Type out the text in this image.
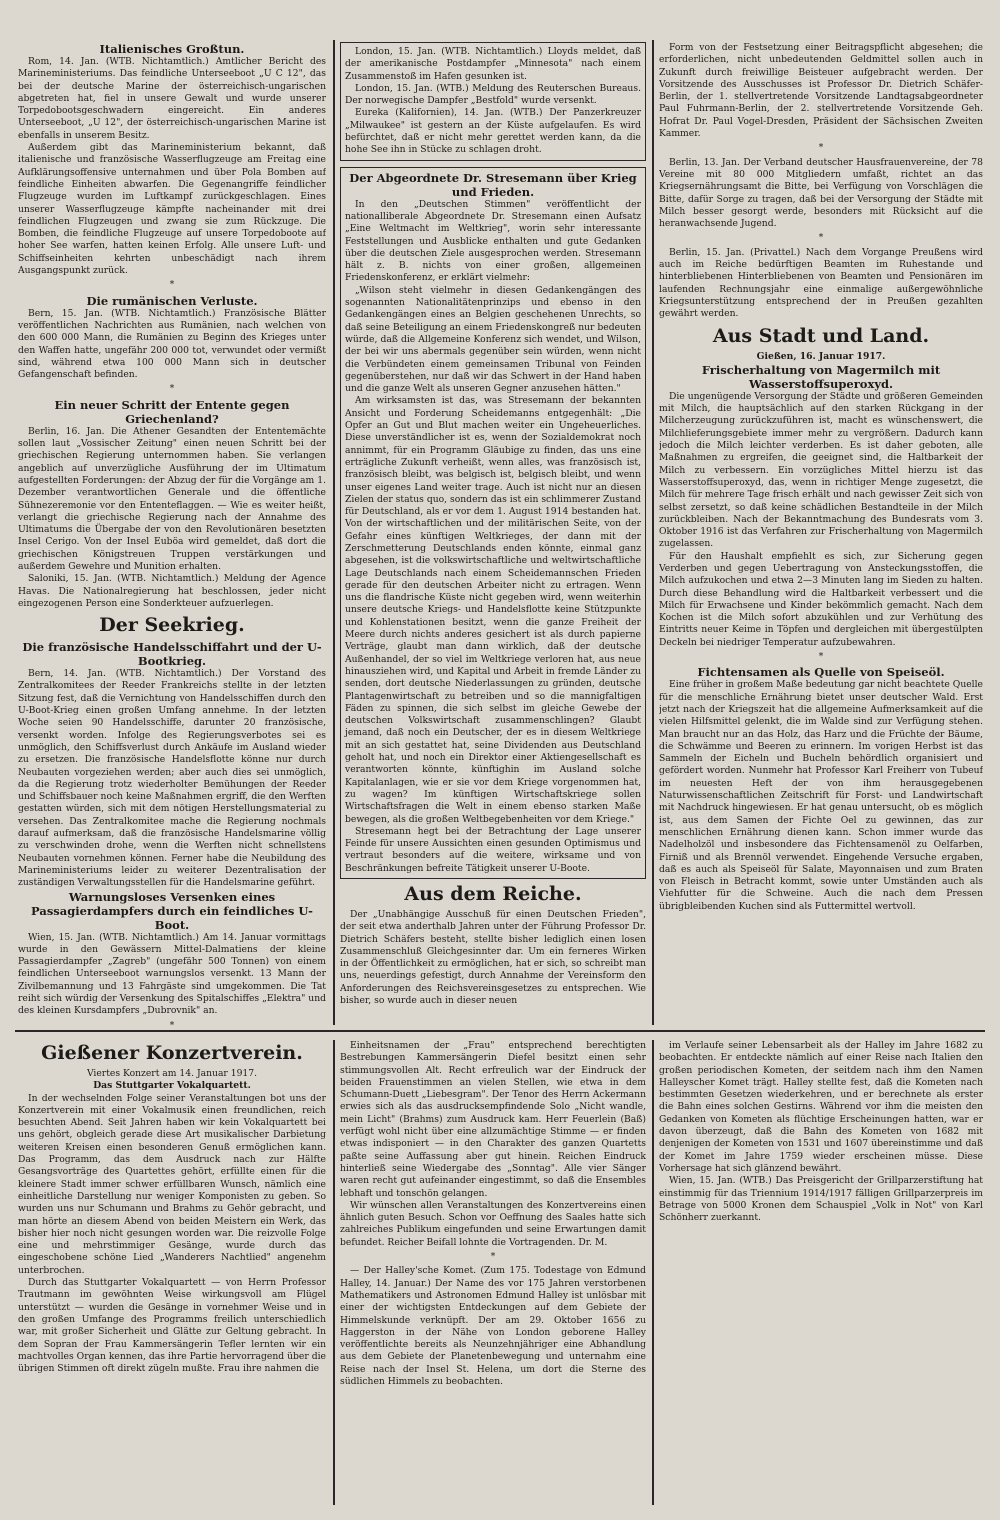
Italienisches Großtun.

Rom, 14. Jan. (WTB. Nichtamtlich.) Amtlicher Bericht des Marineministeriums. Das feindliche Unterseeboot „U C 12", das bei der deutsche Marine der österreichisch-ungarischen abgetreten hat, fiel in unsere Gewalt und wurde unserer Torpedobootsgeschwadern eingereicht. Ein anderes Unterseeboot, „U 12", der österreichisch-ungarischen Marine ist ebenfalls in unserem Besitz.

Außerdem gibt das Marineministerium bekannt, daß italienische und französische Wasserflugzeuge am Freitag eine Aufklärungsoffensive unternahmen und über Pola Bomben auf feindliche Einheiten abwarfen. Die Gegenangriffe feindlicher Flugzeuge wurden im Luftkampf zurückgeschlagen. Eines unserer Wasserflugzeuge kämpfte nacheinander mit drei feindlichen Flugzeugen und zwang sie zum Rückzuge. Die Bomben, die feindliche Flugzeuge auf unsere Torpedoboote auf hoher See warfen, hatten keinen Erfolg. Alle unsere Luft- und Schiffseinheiten kehrten unbeschädigt nach ihrem Ausgangspunkt zurück.

*
Die rumänischen Verluste.

Bern, 15. Jan. (WTB. Nichtamtlich.) Französische Blätter veröffentlichen Nachrichten aus Rumänien, nach welchen von den 600 000 Mann, die Rumänien zu Beginn des Krieges unter den Waffen hatte, ungefähr 200 000 tot, verwundet oder vermißt sind, während etwa 100 000 Mann sich in deutscher Gefangenschaft befinden.

*
Ein neuer Schritt der Entente gegen Griechenland?

Berlin, 16. Jan. Die Athener Gesandten der Ententemächte sollen laut „Vossischer Zeitung" einen neuen Schritt bei der griechischen Regierung unternommen haben. Sie verlangen angeblich auf unverzügliche Ausführung der im Ultimatum aufgestellten Forderungen: der Abzug der für die Vorgänge am 1. Dezember verantwortlichen Generale und die öffentliche Sühnezeremonie vor den Ententeflaggen. — Wie es weiter heißt, verlangt die griechische Regierung nach der Annahme des Ultimatums die Übergabe der von den Revolutionären besetzten Insel Cerigo. Von der Insel Euböa wird gemeldet, daß dort die griechischen Königstreuen Truppen verstärkungen und außerdem Gewehre und Munition erhalten.

Saloniki, 15. Jan. (WTB. Nichtamtlich.) Meldung der Agence Havas. Die Nationalregierung hat beschlossen, jeder nicht eingezogenen Person eine Sonderkteuer aufzuerlegen.

Der Seekrieg.
Die französische Handelsschiffahrt und der U-Bootkrieg.

Bern, 14. Jan. (WTB. Nichtamtlich.) Der Vorstand des Zentralkomitees der Reeder Frankreichs stellte in der letzten Sitzung fest, daß die Vernichtung von Handelsschiffen durch den U-Boot-Krieg einen großen Umfang annehme. In der letzten Woche seien 90 Handelsschiffe, darunter 20 französische, versenkt worden. Infolge des Regierungsverbotes sei es unmöglich, den Schiffsverlust durch Ankäufe im Ausland wieder zu ersetzen. Die französische Handelsflotte könne nur durch Neubauten vorgeziehen werden; aber auch dies sei unmöglich, da die Regierung trotz wiederholter Bemühungen der Reeder und Schiffsbauer noch keine Maßnahmen ergriff, die den Werften gestatten würden, sich mit dem nötigen Herstellungsmaterial zu versehen. Das Zentralkomitee mache die Regierung nochmals darauf aufmerksam, daß die französische Handelsmarine völlig zu verschwinden drohe, wenn die Werften nicht schnellstens Neubauten vornehmen können. Ferner habe die Neubildung des Marineministeriums leider zu weiterer Dezentralisation der zuständigen Verwaltungsstellen für die Handelsmarine geführt.

Warnungsloses Versenken eines Passagierdampfers durch ein feindliches U-Boot.

Wien, 15. Jan. (WTB. Nichtamtlich.) Am 14. Januar vormittags wurde in den Gewässern Mittel-Dalmatiens der kleine Passagierdampfer „Zagreb" (ungefähr 500 Tonnen) von einem feindlichen Unterseeboot warnungslos versenkt. 13 Mann der Zivilbemannung und 13 Fahrgäste sind umgekommen. Die Tat reiht sich würdig der Versenkung des Spitalschiffes „Elektra" und des kleinen Kursdampfers „Dubrovnik" an.

*

London, 15. Jan. (WTB. Nichtamtlich.) Lloyds meldet, daß der amerikanische Postdampfer „Minnesota" nach einem Zusammenstoß im Hafen gesunken ist.

London, 15. Jan. (WTB.) Meldung des Reuterschen Bureaus. Der norwegische Dampfer „Bestfold" wurde versenkt.

Eureka (Kalifornien), 14. Jan. (WTB.) Der Panzerkreuzer „Milwaukee" ist gestern an der Küste aufgelaufen. Es wird befürchtet, daß er nicht mehr gerettet werden kann, da die hohe See ihn in Stücke zu schlagen droht.

Der Abgeordnete Dr. Stresemann über Krieg und Frieden.

In den „Deutschen Stimmen" veröffentlicht der nationalliberale Abgeordnete Dr. Stresemann einen Aufsatz „Eine Weltmacht im Weltkrieg", worin sehr interessante Feststellungen und Ausblicke enthalten und gute Gedanken über die deutschen Ziele ausgesprochen werden. Stresemann hält z. B. nichts von einer großen, allgemeinen Friedenskonferenz, er erklärt vielmehr:

„Wilson steht vielmehr in diesen Gedankengängen des sogenannten Nationalitätenprinzips und ebenso in den Gedankengängen eines an Belgien geschehenen Unrechts, so daß seine Beteiligung an einem Friedenskongreß nur bedeuten würde, daß die Allgemeine Konferenz sich wendet, und Wilson, der bei wir uns abermals gegenüber sein würden, wenn nicht die Verbündeten einem gemeinsamen Tribunal von Feinden gegenüberstehen, nur daß wir das Schwert in der Hand haben und die ganze Welt als unseren Gegner anzusehen hätten."

Am wirksamsten ist das, was Stresemann der bekannten Ansicht und Forderung Scheidemanns entgegenhält: „Die Opfer an Gut und Blut machen weiter ein Ungeheuerliches. Diese unverständlicher ist es, wenn der Sozialdemokrat noch annimmt, für ein Programm Gläubige zu finden, das uns eine erträgliche Zukunft verheißt, wenn alles, was französisch ist, französisch bleibt, was belgisch ist, belgisch bleibt, und wenn unser eigenes Land weiter trage. Auch ist nicht nur an diesen Zielen der status quo, sondern das ist ein schlimmerer Zustand für Deutschland, als er vor dem 1. August 1914 bestanden hat. Von der wirtschaftlichen und der militärischen Seite, von der Gefahr eines künftigen Weltkrieges, der dann mit der Zerschmetterung Deutschlands enden könnte, einmal ganz abgesehen, ist die volkswirtschaftliche und weltwirtschaftliche Lage Deutschlands nach einem Scheidemannschen Frieden gerade für den deutschen Arbeiter nicht zu ertragen. Wenn uns die flandrische Küste nicht gegeben wird, wenn weiterhin unsere deutsche Kriegs- und Handelsflotte keine Stützpunkte und Kohlenstationen besitzt, wenn die ganze Freiheit der Meere durch nichts anderes gesichert ist als durch papierne Verträge, glaubt man dann wirklich, daß der deutsche Außenhandel, der so viel im Weltkriege verloren hat, aus neue hinausziehen wird, und Kapital und Arbeit in fremde Länder zu senden, dort deutsche Niederlassungen zu gründen, deutsche Plantagenwirtschaft zu betreiben und so die mannigfaltigen Fäden zu spinnen, die sich selbst im gleiche Gewebe der deutschen Volkswirtschaft zusammenschlingen? Glaubt jemand, daß noch ein Deutscher, der es in diesem Weltkriege mit an sich gestattet hat, seine Dividenden aus Deutschland geholt hat, und noch ein Direktor einer Aktiengesellschaft es verantworten könnte, künftighin im Ausland solche Kapitalanlagen, wie er sie vor dem Kriege vorgenommen hat, zu wagen? Im künftigen Wirtschaftskriege sollen Wirtschaftsfragen die Welt in einem ebenso starken Maße bewegen, als die großen Weltbegebenheiten vor dem Kriege."

Stresemann hegt bei der Betrachtung der Lage unserer Feinde für unsere Aussichten einen gesunden Optimismus und vertraut besonders auf die weitere, wirksame und von Beschränkungen befreite Tätigkeit unserer U-Boote.

Aus dem Reiche.

Der „Unabhängige Ausschuß für einen Deutschen Frieden", der seit etwa anderthalb Jahren unter der Führung Professor Dr. Dietrich Schäfers besteht, stellte bisher lediglich einen losen Zusammenschluß Gleichgesinnter dar. Um ein ferneres Wirken in der Öffentlichkeit zu ermöglichen, hat er sich, so schreibt man uns, neuerdings gefestigt, durch Annahme der Vereinsform den Anforderungen des Reichsvereinsgesetzes zu entsprechen. Wie bisher, so wurde auch in dieser neuen

Form von der Festsetzung einer Beitragspflicht abgesehen; die erforderlichen, nicht unbedeutenden Geldmittel sollen auch in Zukunft durch freiwillige Beisteuer aufgebracht werden. Der Vorsitzende des Ausschusses ist Professor Dr. Dietrich Schäfer-Berlin, der 1. stellvertretende Vorsitzende Landtagsabgeordneter Paul Fuhrmann-Berlin, der 2. stellvertretende Vorsitzende Geh. Hofrat Dr. Paul Vogel-Dresden, Präsident der Sächsischen Zweiten Kammer.

*

Berlin, 13. Jan. Der Verband deutscher Hausfrauenvereine, der 78 Vereine mit 80 000 Mitgliedern umfaßt, richtet an das Kriegsernährungsamt die Bitte, bei Verfügung von Vorschlägen die Bitte, dafür Sorge zu tragen, daß bei der Versorgung der Städte mit Milch besser gesorgt werde, besonders mit Rücksicht auf die heranwachsende Jugend.

*

Berlin, 15. Jan. (Privattel.) Nach dem Vorgange Preußens wird auch im Reiche bedürftigen Beamten im Ruhestande und hinterbliebenen Hinterbliebenen von Beamten und Pensionären im laufenden Rechnungsjahr eine einmalige außergewöhnliche Kriegsunterstützung entsprechend der in Preußen gezahlten gewährt werden.

Aus Stadt und Land.
Gießen, 16. Januar 1917.
Frischerhaltung von Magermilch mit Wasserstoffsuperoxyd.

Die ungenügende Versorgung der Städte und größeren Gemeinden mit Milch, die hauptsächlich auf den starken Rückgang in der Milcherzeugung zurückzuführen ist, macht es wünschenswert, die Milchlieferungsgebiete immer mehr zu vergrößern. Dadurch kann jedoch die Milch leichter verderben. Es ist daher geboten, alle Maßnahmen zu ergreifen, die geeignet sind, die Haltbarkeit der Milch zu verbessern. Ein vorzügliches Mittel hierzu ist das Wasserstoffsuperoxyd, das, wenn in richtiger Menge zugesetzt, die Milch für mehrere Tage frisch erhält und nach gewisser Zeit sich von selbst zersetzt, so daß keine schädlichen Bestandteile in der Milch zurückbleiben. Nach der Bekanntmachung des Bundesrats vom 3. Oktober 1916 ist das Verfahren zur Frischerhaltung von Magermilch zugelassen.

Für den Haushalt empfiehlt es sich, zur Sicherung gegen Verderben und gegen Uebertragung von Ansteckungsstoffen, die Milch aufzukochen und etwa 2—3 Minuten lang im Sieden zu halten. Durch diese Behandlung wird die Haltbarkeit verbessert und die Milch für Erwachsene und Kinder bekömmlich gemacht. Nach dem Kochen ist die Milch sofort abzukühlen und zur Verhütung des Eintritts neuer Keime in Töpfen und dergleichen mit übergestülpten Deckeln bei niedriger Temperatur aufzubewahren.

*
Fichtensamen als Quelle von Speiseöl.

Eine früher in großem Maße bedeutung gar nicht beachtete Quelle für die menschliche Ernährung bietet unser deutscher Wald. Erst jetzt nach der Kriegszeit hat die allgemeine Aufmerksamkeit auf die vielen Hilfsmittel gelenkt, die im Walde sind zur Verfügung stehen. Man braucht nur an das Holz, das Harz und die Früchte der Bäume, die Schwämme und Beeren zu erinnern. Im vorigen Herbst ist das Sammeln der Eicheln und Bucheln behördlich organisiert und gefördert worden. Nunmehr hat Professor Karl Freiherr von Tubeuf im neuesten Heft der von ihm herausgegebenen Naturwissenschaftlichen Zeitschrift für Forst- und Landwirtschaft mit Nachdruck hingewiesen. Er hat genau untersucht, ob es möglich ist, aus dem Samen der Fichte Oel zu gewinnen, das zur menschlichen Ernährung dienen kann. Schon immer wurde das Nadelholzöl und insbesondere das Fichtensamenöl zu Oelfarben, Firniß und als Brennöl verwendet. Eingehende Versuche ergaben, daß es auch als Speiseöl für Salate, Mayonnaisen und zum Braten von Fleisch in Betracht kommt, sowie unter Umständen auch als Viehfutter für die Schweine. Auch die nach dem Pressen übrigbleibenden Kuchen sind als Futtermittel wertvoll.

Gießener Konzertverein.
Viertes Konzert am 14. Januar 1917.
Das Stuttgarter Vokalquartett.

In der wechselnden Folge seiner Veranstaltungen bot uns der Konzertverein mit einer Vokalmusik einen freundlichen, reich besuchten Abend. Seit Jahren haben wir kein Vokalquartett bei uns gehört, obgleich gerade diese Art musikalischer Darbietung weiteren Kreisen einen besonderen Genuß ermöglichen kann. Das Programm, das dem Ausdruck nach zur Hälfte Gesangsvorträge des Quartettes gehört, erfüllte einen für die kleinere Stadt immer schwer erfüllbaren Wunsch, nämlich eine einheitliche Darstellung nur weniger Komponisten zu geben. So wurden uns nur Schumann und Brahms zu Gehör gebracht, und man hörte an diesem Abend von beiden Meistern ein Werk, das bisher hier noch nicht gesungen worden war. Die reizvolle Folge eine und mehrstimmiger Gesänge, wurde durch das eingeschobene schöne Lied „Wanderers Nachtlied" angenehm unterbrochen.

Durch das Stuttgarter Vokalquartett — von Herrn Professor Trautmann im gewöhnten Weise wirkungsvoll am Flügel unterstützt — wurden die Gesänge in vornehmer Weise und in den großen Umfange des Programms freilich unterschiedlich war, mit großer Sicherheit und Glätte zur Geltung gebracht. In dem Sopran der Frau Kammersängerin Tefler lernten wir ein machtvolles Organ kennen, das ihre Partie hervorragend über die übrigen Stimmen oft direkt zügeln mußte. Frau ihre nahmen die

Einheitsnamen der „Frau" entsprechend berechtigten Bestrebungen Kammersängerin Diefel besitzt einen sehr stimmungsvollen Alt. Recht erfreulich war der Eindruck der beiden Frauenstimmen an vielen Stellen, wie etwa in dem Schumann-Duett „Liebesgram". Der Tenor des Herrn Ackermann erwies sich als das ausdrucksempfindende Solo „Nicht wandle, mein Licht" (Brahms) zum Ausdruck kam. Herr Feuerlein (Baß) verfügt wohl nicht über eine allzumächtige Stimme — er finden etwas indisponiert — in den Charakter des ganzen Quartetts paßte seine Auffassung aber gut hinein. Reichen Eindruck hinterließ seine Wiedergabe des „Sonntag". Alle vier Sänger waren recht gut aufeinander eingestimmt, so daß die Ensembles lebhaft und tonschön gelangen.

Wir wünschen allen Veranstaltungen des Konzertvereins einen ähnlich guten Besuch. Schon vor Oeffnung des Saales hatte sich zahlreiches Publikum eingefunden und seine Erwartungen damit befundet. Reicher Beifall lohnte die Vortragenden. Dr. M.

*

— Der Halley'sche Komet. (Zum 175. Todestage von Edmund Halley, 14. Januar.) Der Name des vor 175 Jahren verstorbenen Mathematikers und Astronomen Edmund Halley ist unlösbar mit einer der wichtigsten Entdeckungen auf dem Gebiete der Himmelskunde verknüpft. Der am 29. Oktober 1656 zu Haggerston in der Nähe von London geborene Halley veröffentlichte bereits als Neunzehnjähriger eine Abhandlung aus dem Gebiete der Planetenbewegung und unternahm eine Reise nach der Insel St. Helena, um dort die Sterne des südlichen Himmels zu beobachten.

im Verlaufe seiner Lebensarbeit als der Halley im Jahre 1682 zu beobachten. Er entdeckte nämlich auf einer Reise nach Italien den großen periodischen Kometen, der seitdem nach ihm den Namen Halleyscher Komet trägt. Halley stellte fest, daß die Kometen nach bestimmten Gesetzen wiederkehren, und er berechnete als erster die Bahn eines solchen Gestirns. Während vor ihm die meisten den Gedanken von Kometen als flüchtige Erscheinungen hatten, war er davon überzeugt, daß die Bahn des Kometen von 1682 mit denjenigen der Kometen von 1531 und 1607 übereinstimme und daß der Komet im Jahre 1759 wieder erscheinen müsse. Diese Vorhersage hat sich glänzend bewährt.

Wien, 15. Jan. (WTB.) Das Preisgericht der Grillparzerstiftung hat einstimmig für das Triennium 1914/1917 fälligen Grillparzerpreis im Betrage von 5000 Kronen dem Schauspiel „Volk in Not" von Karl Schönherr zuerkannt.
